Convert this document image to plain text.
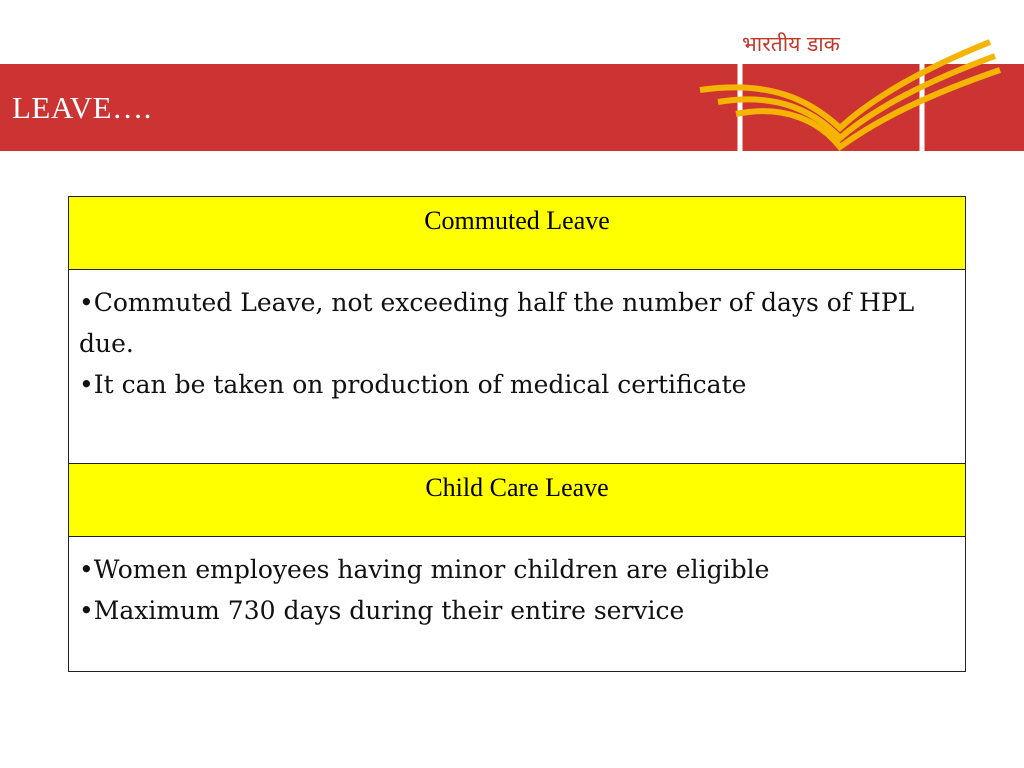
LEAVE….
भारतीय डाक
Commuted Leave

•Commuted Leave, not exceeding half the number of days of HPL due.
•It can be taken on production of medical certificate

Child Care Leave

•Women employees having minor children are eligible
•Maximum 730 days during their entire service
